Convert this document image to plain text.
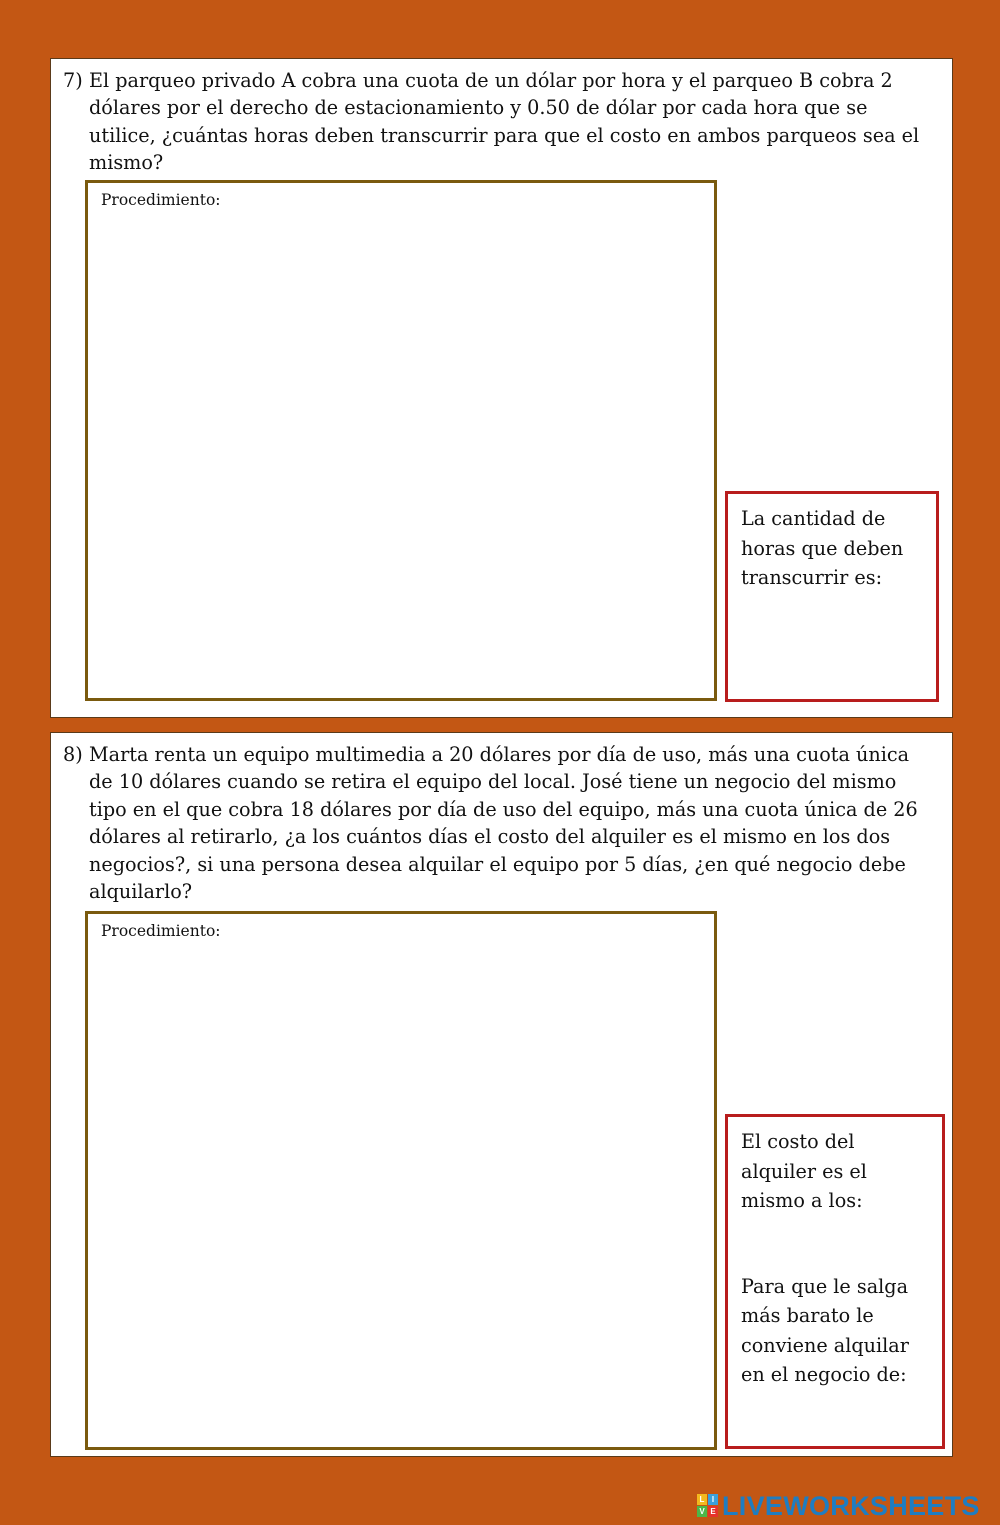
7) El parqueo privado A cobra una cuota de un dólar por hora y el parqueo B cobra 2 dólares por el derecho de estacionamiento y 0.50 de dólar por cada hora que se utilice, ¿cuántas horas deben transcurrir para que el costo en ambos parqueos sea el mismo?
Procedimiento:
La cantidad de
horas que deben
transcurrir es:
8) Marta renta un equipo multimedia a 20 dólares por día de uso, más una cuota única de 10 dólares cuando se retira el equipo del local. José tiene un negocio del mismo tipo en el que cobra 18 dólares por día de uso del equipo, más una cuota única de 26 dólares al retirarlo, ¿a los cuántos días el costo del alquiler es el mismo en los dos negocios?, si una persona desea alquilar el equipo por 5 días, ¿en qué negocio debe alquilarlo?
Procedimiento:
El costo del
alquiler es el
mismo a los:
Para que le salga
más barato le
conviene alquilar
en el negocio de:
L I
V E LIVEWORKSHEETS
